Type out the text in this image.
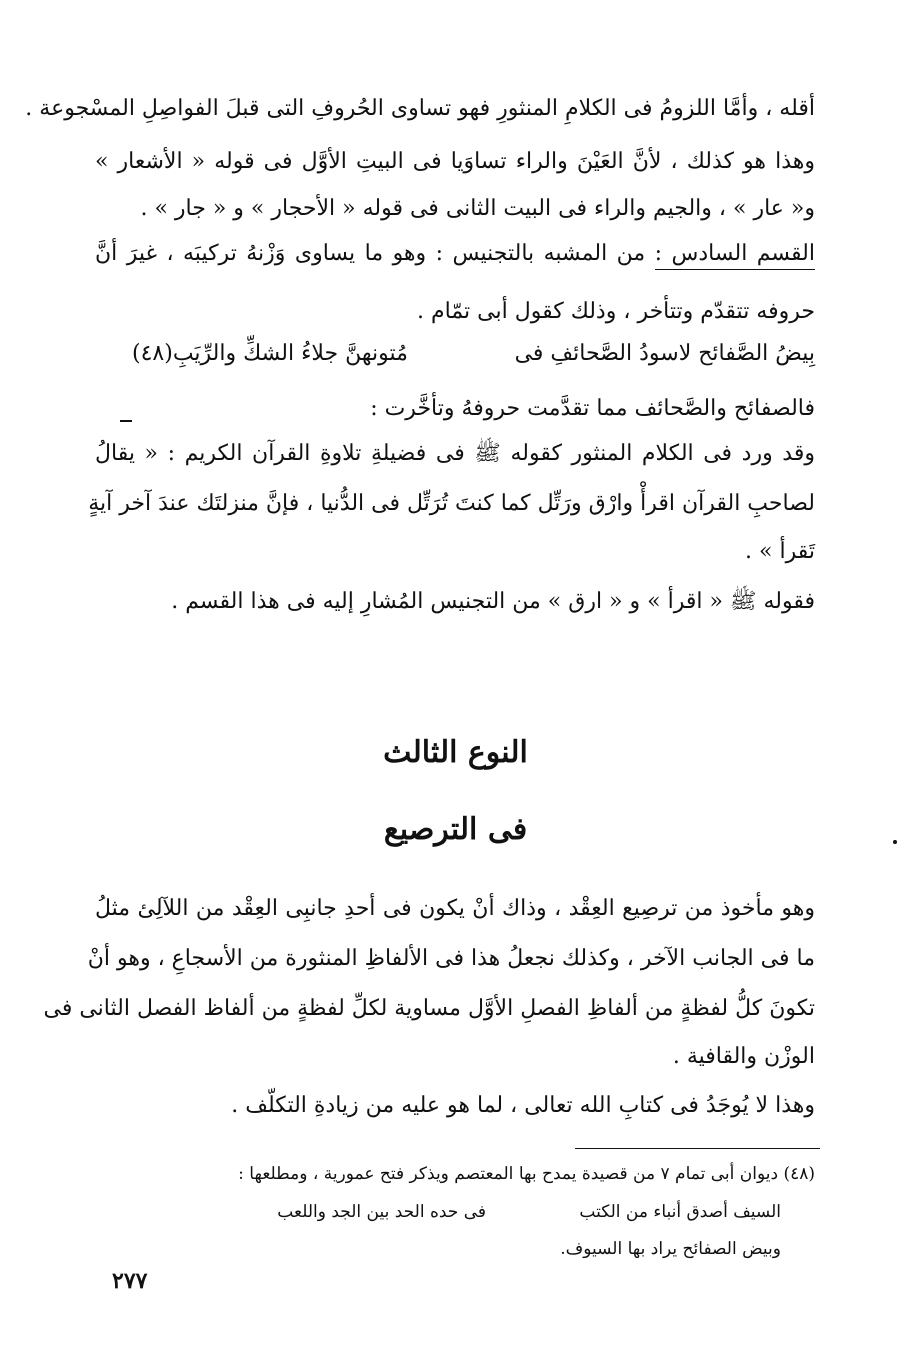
أقله ، وأمَّا اللزومُ فى الكلامِ المنثورِ فهو تساوى الحُروفِ التى قبلَ الفواصِلِ المسْجوعة .
وهذا هو كذلك ، لأنَّ العَيْنَ والراء تساوَيا فى البيتِ الأوَّل فى قوله « الأشعار »
و« عار » ، والجيم والراء فى البيت الثانى فى قوله « الأحجار » و « جار » .
القسم السادس : من المشبه بالتجنيس : وهو ما يساوى وَزْنهُ تركيبَه ، غيرَ أنَّ
حروفه تتقدّم وتتأخر ، وذلك كقول أبى تمّام .
بِيضُ الصَّفائح لاسودُ الصَّحائفِ فى
مُتونهنَّ جلاءُ الشكِّ والرِّيَبِ(٤٨)
فالصفائح والصَّحائف مما تقدَّمت حروفهُ وتأخَّرت :
وقد ورد فى الكلام المنثور كقوله ﷺ فى فضيلةِ تلاوةِ القرآن الكريم : « يقالُ
لصاحبِ القرآن اقرأْ وارْق ورَتِّل كما كنتَ تُرَتِّل فى الدُّنيا ، فإنَّ منزلتَك عندَ آخر آيةٍ
تَقرأ » .
فقوله ﷺ « اقرأ » و « ارق » من التجنيس المُشارِ إليه فى هذا القسم .
النوع الثالث
فى الترصيع
وهو مأخوذ من ترصِيع العِقْد ، وذاك أنْ يكون فى أحدِ جانبِى العِقْد من اللآلِئ مثلُ
ما فى الجانب الآخر ، وكذلك نجعلُ هذا فى الألفاظِ المنثورة من الأسجاعِ ، وهو أنْ
تكونَ كلُّ لفظةٍ من ألفاظِ الفصلِ الأوَّل مساوية لكلِّ لفظةٍ من ألفاظ الفصل الثانى فى
الوزْن والقافية .
وهذا لا يُوجَدُ فى كتابِ الله تعالى ، لما هو عليه من زيادةِ التكلّف .
(٤٨) ديوان أبى تمام ٧ من قصيدة يمدح بها المعتصم ويذكر فتح عمورية ، ومطلعها :
السيف أصدق أنباء من الكتب
فى حده الحد بين الجد واللعب
وبيض الصفائح يراد بها السيوف.
٢٧٧
